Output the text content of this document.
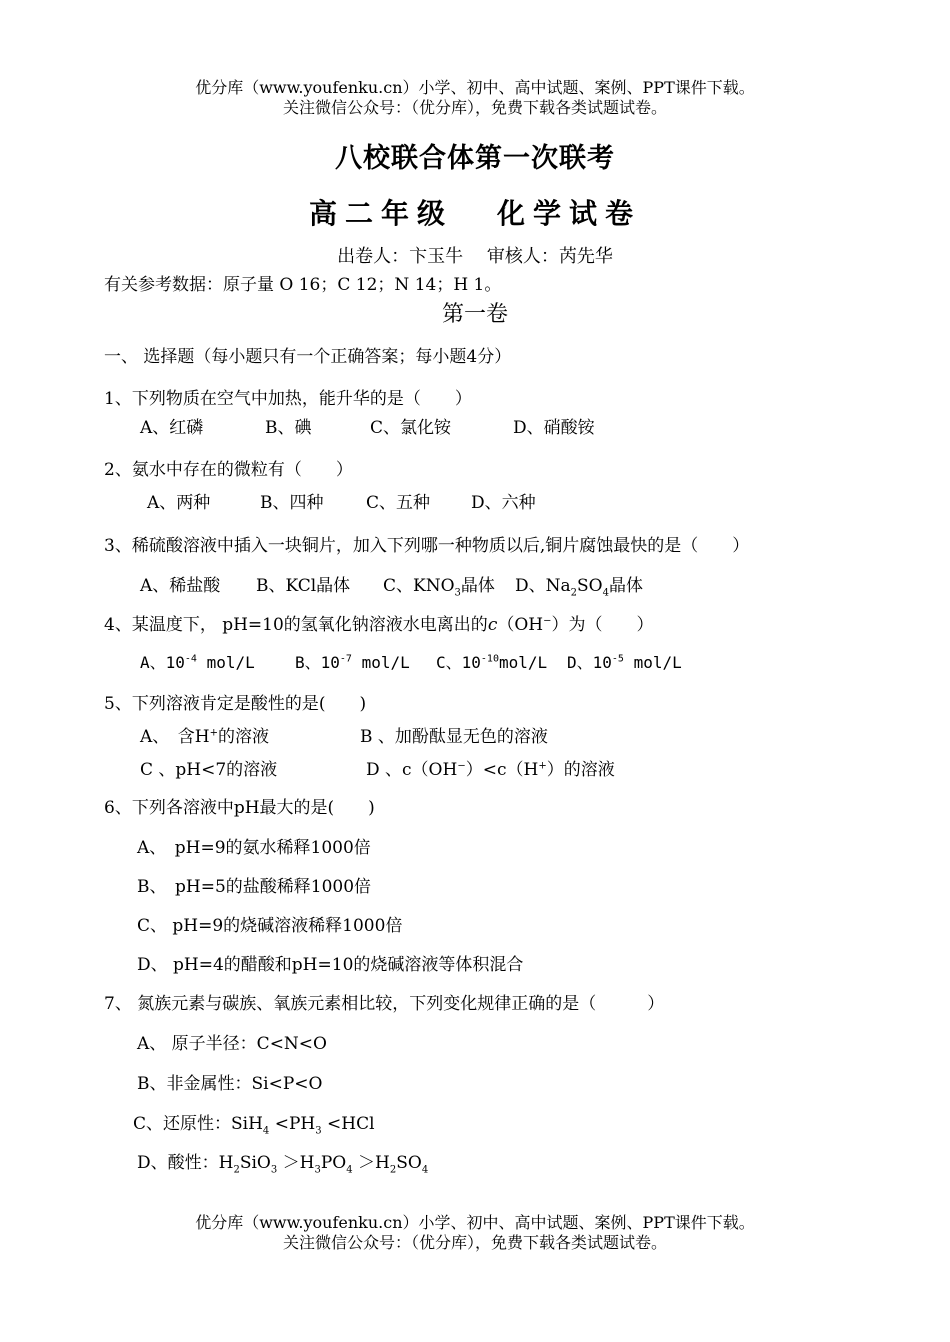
优分库（www.youfenku.cn）小学、初中、高中试题、案例、PPT课件下载。
关注微信公众号：（优分库），免费下载各类试题试卷。
八校联合体第一次联考
高二年级 化学试卷
出卷人：卞玉牛　 审核人：芮先华
有关参考数据：原子量 O 16；C 12；N 14；H 1。
第一卷
一、 选择题（每小题只有一个正确答案；每小题4分）
1、下列物质在空气中加热，能升华的是（　　）
A、红磷	B、碘	C、氯化铵	D、硝酸铵
2、氨水中存在的微粒有（　　）
A、两种	B、四种	C、五种 D、六种
3、稀硫酸溶液中插入一块铜片，加入下列哪一种物质以后,铜片腐蚀最快的是（　　）
A、稀盐酸 B、KCl晶体 C、$KNO_3$晶体 D、$Na_2SO_4$晶体
4、某温度下， pH=10的氢氧化钠溶液水电离出的c（OH−）为（　　）
A、$10^{-4}$ mol/L	B、$10^{-7}$ mol/L C、$10^{-10}mol/L$ D、$10^{-5}$ mol/L
5、下列溶液肯定是酸性的是(　　)
A、　含H+的溶液	B 、加酚酞显无色的溶液
C 、pH<7的溶液	D 、c（OH−）<c（H+）的溶液
6、下列各溶液中pH最大的是(　　)
A、　pH=9的氨水稀释1000倍
B、　pH=5的盐酸稀释1000倍
C、 pH=9的烧碱溶液稀释1000倍
D、 pH=4的醋酸和pH=10的烧碱溶液等体积混合
7、 氮族元素与碳族、氧族元素相比较，下列变化规律正确的是（　　　）
A、 原子半径：C<N<O
B、非金属性：Si<P<O
C、还原性：$SiH_4 <PH_3 <HCl$
D、酸性：$H_2SiO_3 >H_3PO_4 >H_2SO_4$
优分库（www.youfenku.cn）小学、初中、高中试题、案例、PPT课件下载。
关注微信公众号：（优分库），免费下载各类试题试卷。
